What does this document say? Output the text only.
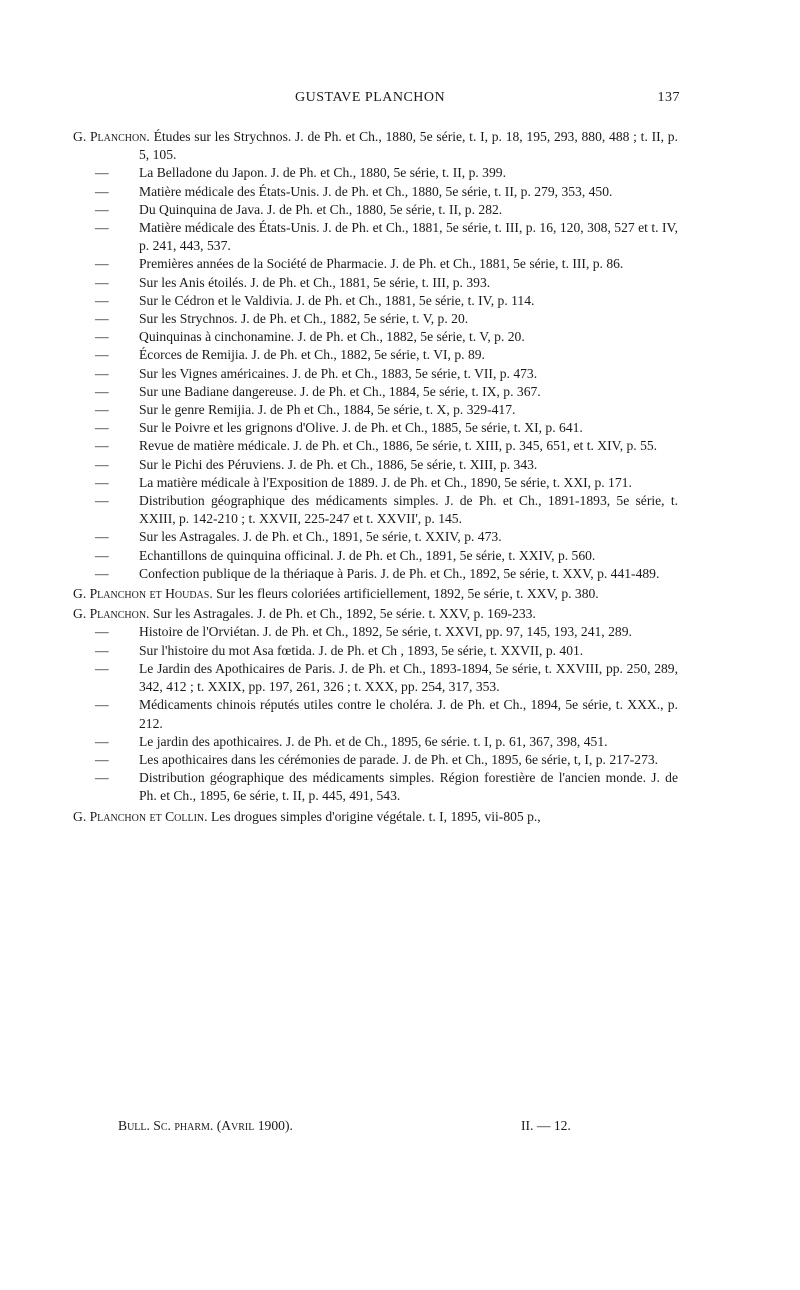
GUSTAVE PLANCHON	137

G. Planchon. Études sur les Strychnos. J. de Ph. et Ch., 1880, 5e série, t. I, p. 18, 195, 293, 880, 488 ; t. II, p. 5, 105.

— La Belladone du Japon. J. de Ph. et Ch., 1880, 5e série, t. II, p. 399.

— Matière médicale des États-Unis. J. de Ph. et Ch., 1880, 5e série, t. II, p. 279, 353, 450.

— Du Quinquina de Java. J. de Ph. et Ch., 1880, 5e série, t. II, p. 282.

— Matière médicale des États-Unis. J. de Ph. et Ch., 1881, 5e série, t. III, p. 16, 120, 308, 527 et t. IV, p. 241, 443, 537.

— Premières années de la Société de Pharmacie. J. de Ph. et Ch., 1881, 5e série, t. III, p. 86.

— Sur les Anis étoilés. J. de Ph. et Ch., 1881, 5e série, t. III, p. 393.

— Sur le Cédron et le Valdivia. J. de Ph. et Ch., 1881, 5e série, t. IV, p. 114.

— Sur les Strychnos. J. de Ph. et Ch., 1882, 5e série, t. V, p. 20.

— Quinquinas à cinchonamine. J. de Ph. et Ch., 1882, 5e série, t. V, p. 20.

— Écorces de Remijia. J. de Ph. et Ch., 1882, 5e série, t. VI, p. 89.

— Sur les Vignes américaines. J. de Ph. et Ch., 1883, 5e série, t. VII, p. 473.

— Sur une Badiane dangereuse. J. de Ph. et Ch., 1884, 5e série, t. IX, p. 367.

— Sur le genre Remijia. J. de Ph et Ch., 1884, 5e série, t. X, p. 329-417.

— Sur le Poivre et les grignons d'Olive. J. de Ph. et Ch., 1885, 5e série, t. XI, p. 641.

— Revue de matière médicale. J. de Ph. et Ch., 1886, 5e série, t. XIII, p. 345, 651, et t. XIV, p. 55.

— Sur le Pichi des Péruviens. J. de Ph. et Ch., 1886, 5e série, t. XIII, p. 343.

— La matière médicale à l'Exposition de 1889. J. de Ph. et Ch., 1890, 5e série, t. XXI, p. 171.

— Distribution géographique des médicaments simples. J. de Ph. et Ch., 1891-1893, 5e série, t. XXIII, p. 142-210 ; t. XXVII, 225-247 et t. XXVII', p. 145.

— Sur les Astragales. J. de Ph. et Ch., 1891, 5e série, t. XXIV, p. 473.

— Echantillons de quinquina officinal. J. de Ph. et Ch., 1891, 5e série, t. XXIV, p. 560.

— Confection publique de la thériaque à Paris. J. de Ph. et Ch., 1892, 5e série, t. XXV, p. 441-489.

G. Planchon et Houdas. Sur les fleurs coloriées artificiellement, 1892, 5e série, t. XXV, p. 380.

G. Planchon. Sur les Astragales. J. de Ph. et Ch., 1892, 5e série. t. XXV, p. 169-233.

— Histoire de l'Orviétan. J. de Ph. et Ch., 1892, 5e série, t. XXVI, pp. 97, 145, 193, 241, 289.

— Sur l'histoire du mot Asa fœtida. J. de Ph. et Ch , 1893, 5e série, t. XXVII, p. 401.

— Le Jardin des Apothicaires de Paris. J. de Ph. et Ch., 1893-1894, 5e série, t. XXVIII, pp. 250, 289, 342, 412 ; t. XXIX, pp. 197, 261, 326 ; t. XXX, pp. 254, 317, 353.

— Médicaments chinois réputés utiles contre le choléra. J. de Ph. et Ch., 1894, 5e série, t. XXX., p. 212.

— Le jardin des apothicaires. J. de Ph. et de Ch., 1895, 6e série. t. I, p. 61, 367, 398, 451.

— Les apothicaires dans les cérémonies de parade. J. de Ph. et Ch., 1895, 6e série, t, I, p. 217-273.

— Distribution géographique des médicaments simples. Région forestière de l'ancien monde. J. de Ph. et Ch., 1895, 6e série, t. II, p. 445, 491, 543.

G. Planchon et Collin. Les drogues simples d'origine végétale. t. I, 1895, vii-805 p.,

Bull. Sc. pharm. (Avril 1900).	II. — 12.
